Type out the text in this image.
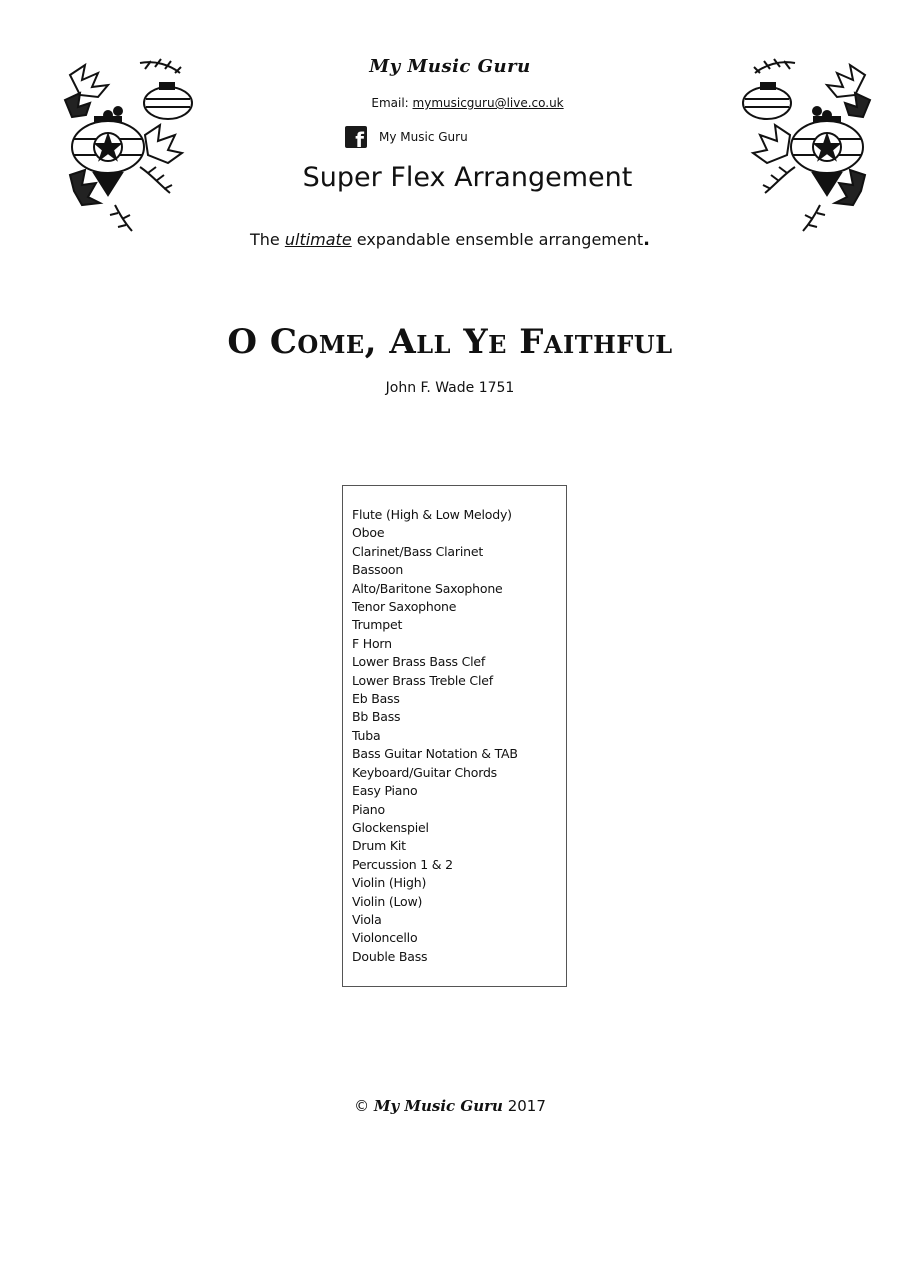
My Music Guru
Email: mymusicguru@live.co.uk
f My Music Guru
Super Flex Arrangement
The ultimate expandable ensemble arrangement.
O Come, All Ye Faithful
John F. Wade 1751
Flute (High & Low Melody)
Oboe
Clarinet/Bass Clarinet
Bassoon
Alto/Baritone Saxophone
Tenor Saxophone
Trumpet
F Horn
Lower Brass Bass Clef
Lower Brass Treble Clef
Eb Bass
Bb Bass
Tuba
Bass Guitar Notation & TAB
Keyboard/Guitar Chords
Easy Piano
Piano
Glockenspiel
Drum Kit
Percussion 1 & 2
Violin (High)
Violin (Low)
Viola
Violoncello
Double Bass
© My Music Guru 2017
